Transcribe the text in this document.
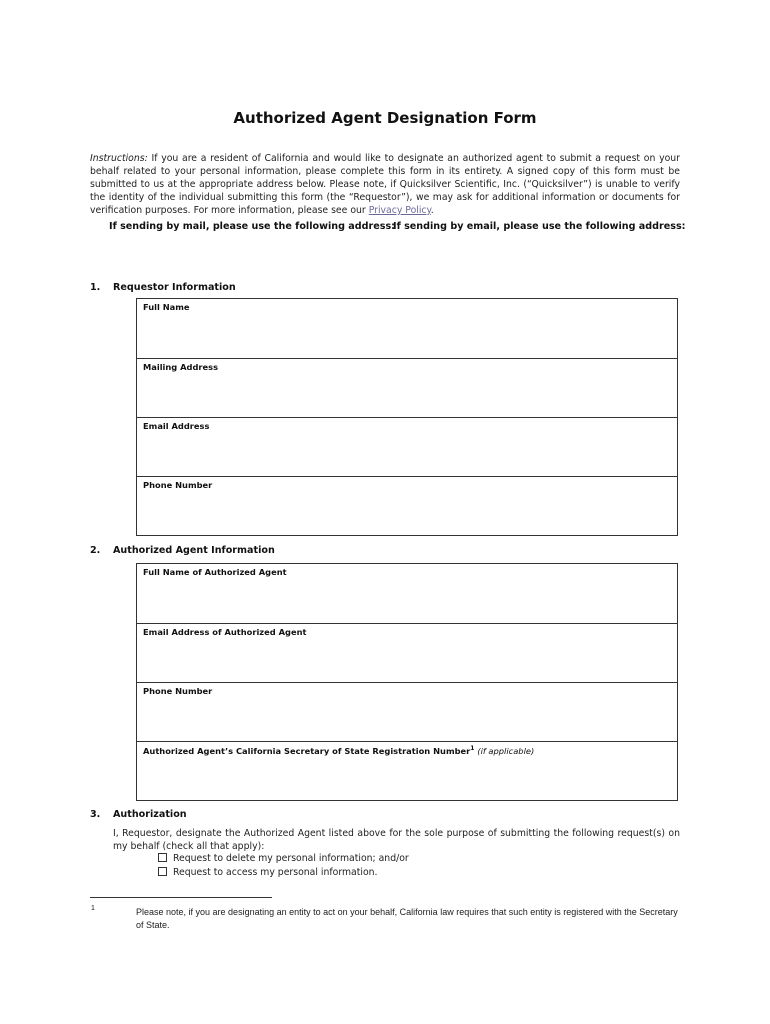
Authorized Agent Designation Form
Instructions: If you are a resident of California and would like to designate an authorized agent to submit a request on your behalf related to your personal information, please complete this form in its entirety. A signed copy of this form must be submitted to us at the appropriate address below. Please note, if Quicksilver Scientific, Inc. (“Quicksilver”) is unable to verify the identity of the individual submitting this form (the “Requestor”), we may ask for additional information or documents for verification purposes. For more information, please see our Privacy Policy.
If sending by mail, please use the following address:
If sending by email, please use the following address:
1. Requestor Information
Full Name
Mailing Address
Email Address
Phone Number
2. Authorized Agent Information
Full Name of Authorized Agent
Email Address of Authorized Agent
Phone Number
Authorized Agent’s California Secretary of State Registration Number$^1$ (if applicable)
3. Authorization
I, Requestor, designate the Authorized Agent listed above for the sole purpose of submitting the following request(s) on my behalf (check all that apply):
Request to delete my personal information; and/or
Request to access my personal information.
1	Please note, if you are designating an entity to act on your behalf, California law requires that such entity is registered with the Secretary of State.
